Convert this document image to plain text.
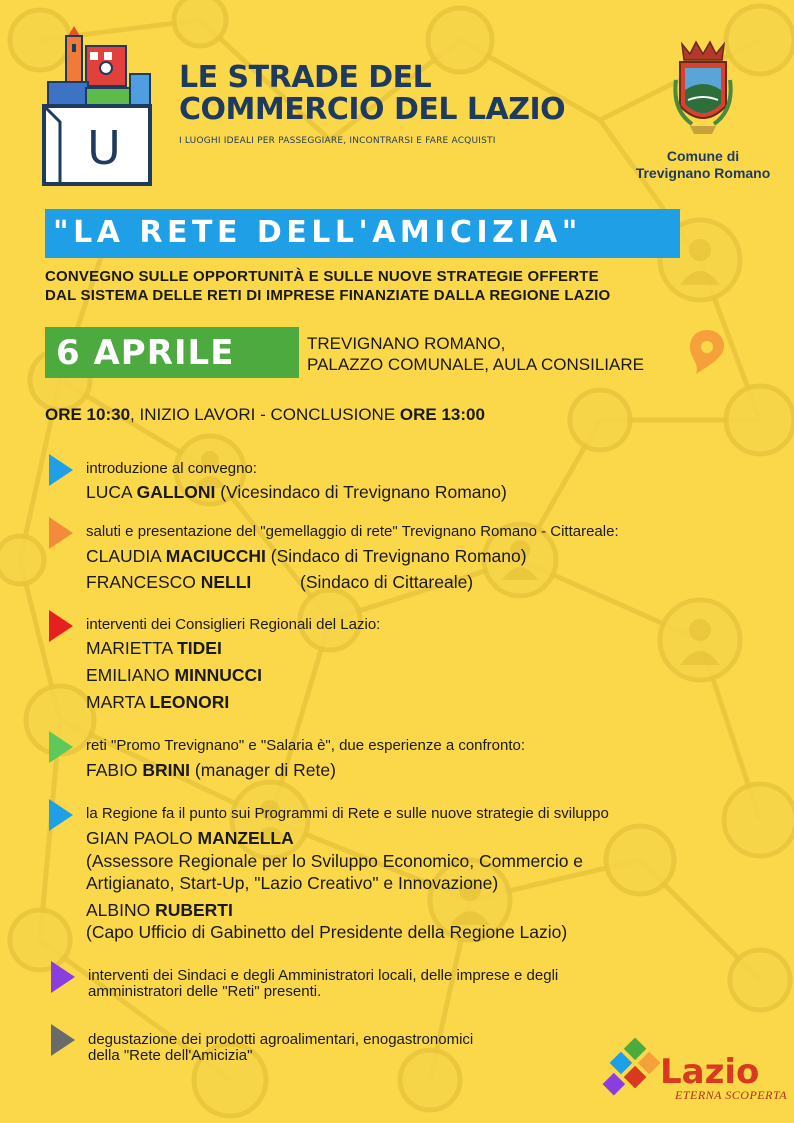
U
LE STRADE DEL
COMMERCIO DEL LAZIO
I LUOGHI IDEALI PER PASSEGGIARE, INCONTRARSI E FARE ACQUISTI
Comune di
Trevignano Romano
"LA RETE DELL'AMICIZIA"
CONVEGNO SULLE OPPORTUNITÀ E SULLE NUOVE STRATEGIE OFFERTE
DAL SISTEMA DELLE RETI DI IMPRESE FINANZIATE DALLA REGIONE LAZIO
6 APRILE	TREVIGNANO ROMANO,
PALAZZO COMUNALE, AULA CONSILIARE
ORE 10:30, INIZIO LAVORI - CONCLUSIONE ORE 13:00
introduzione al convegno:
LUCA GALLONI (Vicesindaco di Trevignano Romano)
saluti e presentazione del "gemellaggio di rete" Trevignano Romano - Cittareale:
CLAUDIA MACIUCCHI (Sindaco di Trevignano Romano)
FRANCESCO NELLI	(Sindaco di Cittareale)
interventi dei Consiglieri Regionali del Lazio:
MARIETTA TIDEI
EMILIANO MINNUCCI
MARTA LEONORI
reti "Promo Trevignano" e "Salaria è", due esperienze a confronto:
FABIO BRINI (manager di Rete)
la Regione fa il punto sui Programmi di Rete e sulle nuove strategie di sviluppo
GIAN PAOLO MANZELLA
(Assessore Regionale per lo Sviluppo Economico, Commercio e
Artigianato, Start-Up, "Lazio Creativo" e Innovazione)
ALBINO RUBERTI
(Capo Ufficio di Gabinetto del Presidente della Regione Lazio)
interventi dei Sindaci e degli Amministratori locali, delle imprese e degli
amministratori delle "Reti" presenti.
degustazione dei prodotti agroalimentari, enogastronomici
della "Rete dell'Amicizia"	Lazio
ETERNA SCOPERTA
